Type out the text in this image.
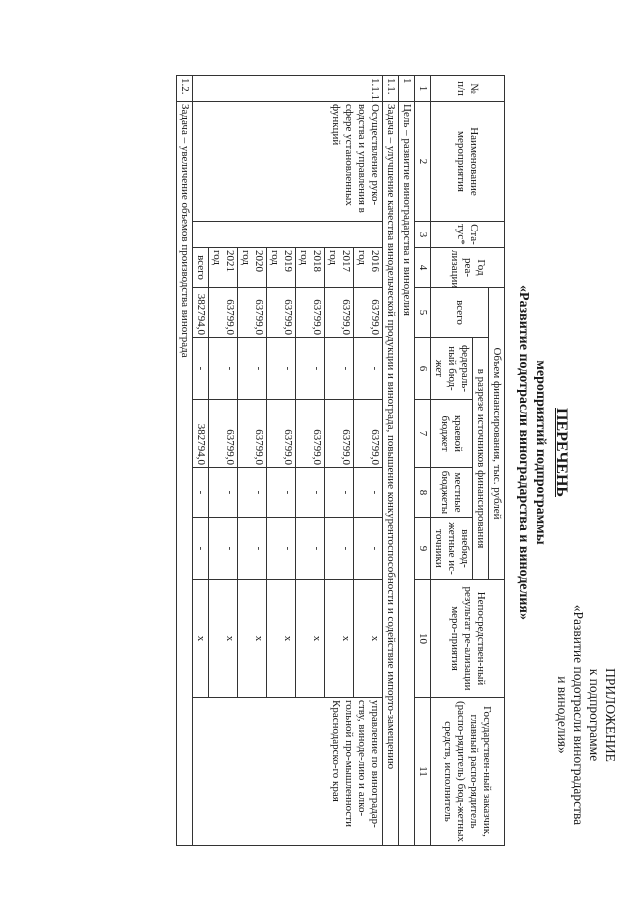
ПРИЛОЖЕНИЕ
к подпрограмме
«Развитие подотрасли виноградарства
и виноделия»
ПЕРЕЧЕНЬ
мероприятий подпрограммы
«Развитие подотрасли виноградарства и виноделия»
№ п/п	Наименование мероприятия	Ста-тус*	Год реа-лизации	Объем финансирования, тыс. рублей					Непосредствен-ный результат ре-ализации меро-приятия	Государствен-ный заказчик, главный распо-рядитель (распо-рядитель) бюд-жетных средств, исполнитель
				всего	в разрезе источников финансирования					
					федераль-ный бюд-жет	краевой бюджет	местные бюджеты	внебюд-жетные ис-точники		
1	2	3	4	5	6	7	8	9	10	11
1	Цель – развитие виноградарства и виноделия									
1.1.	Задача – улучшение качества винодельческой продукции и винограда, повышение конкурентоспособности и содействие импорто-замещению									
1.1.1.	Осуществление руко-водства и управления в сфере установленных функций		2016 год	63799,0	-	63799,0	-	-	х	управление по виноградар-ству, виноде-лию и алко-гольной про-мышленности Краснодарско-го края
			2017 год	63799,0	-	63799,0	-	-	х	
			2018 год	63799,0	-	63799,0	-	-	х	
			2019 год	63799,0	-	63799,0	-	-	х	
			2020 год	63799,0	-	63799,0	-	-	х	
			2021 год	63799,0	-	63799,0	-	-	х	
			всего	382794,0	-	382794,0	-	-	х	
1.2.	Задача – увеличение объемов производства винограда									
